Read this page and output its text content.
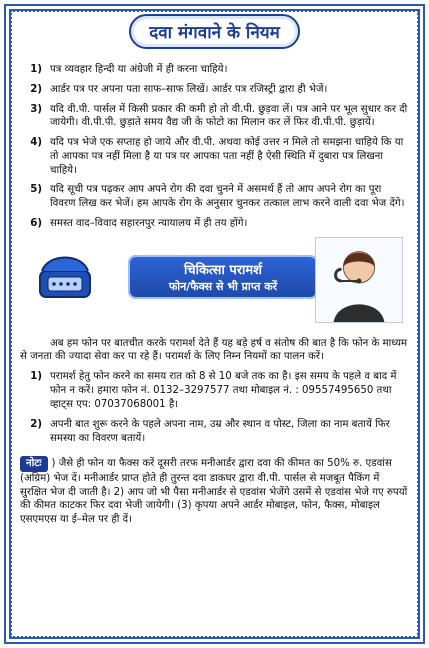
दवा मंगवाने के नियम
1) पत्र व्यवहार हिन्दी या अंग्रेजी में ही करना चाहिये।
2) आर्डर पत्र पर अपना पता साफ–साफ लिखें। आर्डर पत्र रजिस्ट्री द्वारा ही भेजें।
3) यदि वी.पी. पार्सल में किसी प्रकार की कमी हो तो वी.पी. छुड़वा लें। पत्र आने पर भूल सुधार कर दी जायेगी। वी.पी.पी. छुड़ाते समय वैद्य जी के फोटो का मिलान कर लें फिर वी.पी.पी. छुड़ायें।
4) यदि पत्र भेजे एक सप्ताह हो जाये और वी.पी. अथवा कोई उत्तर न मिले तो समझना चाहिये कि या तो आपका पत्र नहीं मिला है या पत्र पर आपका पता नहीं है ऐसी स्थिति में दुबारा पत्र लिखना चाहिये।
5) यदि सूची पत्र पढ़कर आप अपने रोग की दवा चुनने में असमर्थ हैं तो आप अपने रोग का पूरा विवरण लिख कर भेजें। हम आपके रोग के अनुसार चुनकर तत्काल लाभ करने वाली दवा भेज देंगे।
6) समस्त वाद–विवाद सहारनपुर न्यायालय में ही तय होंगे।
चिकित्सा परामर्श
फोन/फैक्स से भी प्राप्त करें
अब हम फोन पर बातचीत करके परामर्श देते हैं यह बड़े हर्ष व संतोष की बात है कि फोन के माध्यम से जनता की ज्यादा सेवा कर पा रहे हैं। परामर्श के लिए निम्न नियमों का पालन करें।
1) परामर्श हेतु फोन करने का समय रात को 8 से 10 बजे तक का है। इस समय के पहले व बाद में फोन न करें। हमारा फोन नं. 0132–3297577 तथा मोबाइल नं. : 09557495650 तथा व्हाट्स एप: 07037068001 है।
2) अपनी बात शुरू करने के पहले अपना नाम, उम्र और स्थान व पोस्ट, जिला का नाम बतायें फिर समस्या का विवरण बतायें।
नोटः ) जैसे ही फोन या फैक्स करें दूसरी तरफ मनीआर्डर द्वारा दवा की कीमत का 50% रु. एडवांस (अग्रिम) भेज दें। मनीआर्डर प्राप्त होते ही तुरन्त दवा डाकघर द्वारा वी.पी. पार्सल से मजबूत पैकिंग में सुरक्षित भेज दी जाती है। 2) आप जो भी पैसा मनीआर्डर से एडवांस भेजेंगे उसमें से एडवांस भेजे गए रुपयों की कीमत काटकर फिर दवा भेजी जायेगी। (3) कृपया अपने आर्डर मोबाइल, फोन, फैक्स, मोबाइल एसएमएस या ई–मेल पर ही दें।
